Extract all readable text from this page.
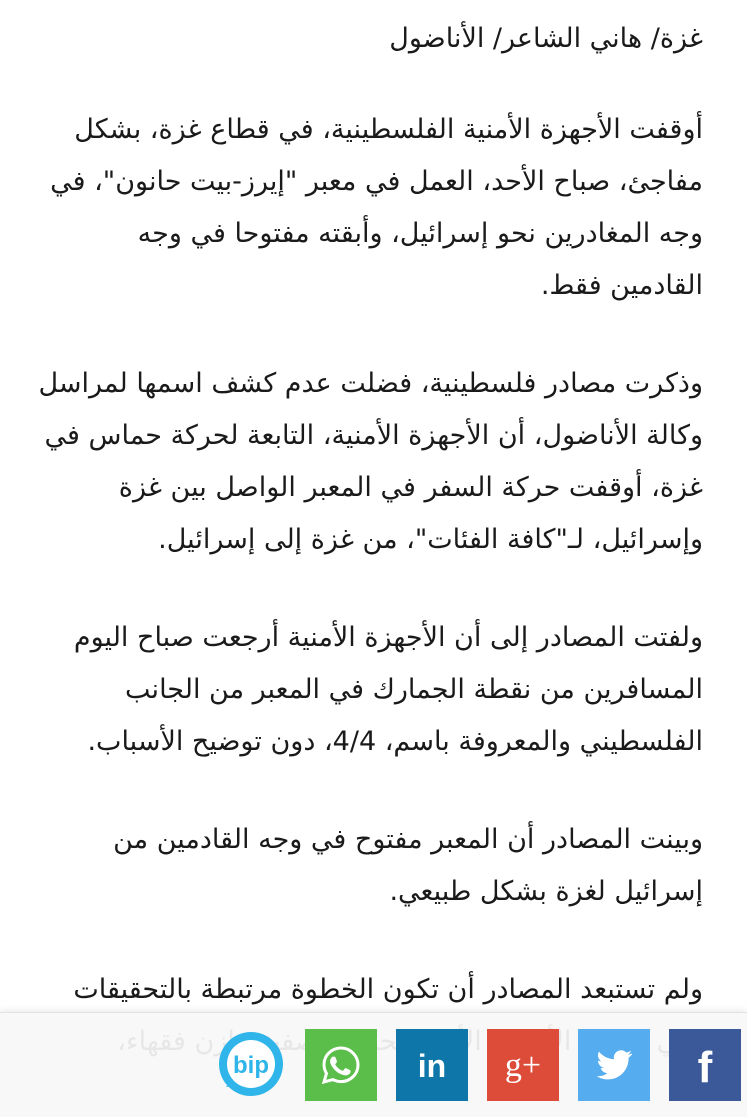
غزة/ هاني الشاعر/ الأناضول

أوقفت الأجهزة الأمنية الفلسطينية، في قطاع غزة، بشكل مفاجئ، صباح الأحد، العمل في معبر "إيرز-بيت حانون"، في وجه المغادرين نحو إسرائيل، وأبقته مفتوحا في وجه القادمين فقط.

وذكرت مصادر فلسطينية، فضلت عدم كشف اسمها لمراسل وكالة الأناضول، أن الأجهزة الأمنية، التابعة لحركة حماس في غزة، أوقفت حركة السفر في المعبر الواصل بين غزة وإسرائيل، لـ"كافة الفئات"، من غزة إلى إسرائيل.

ولفتت المصادر إلى أن الأجهزة الأمنية أرجعت صباح اليوم المسافرين من نقطة الجمارك في المعبر من الجانب الفلسطيني والمعروفة باسم، 4/4، دون توضيح الأسباب.

وبينت المصادر أن المعبر مفتوح في وجه القادمين من إسرائيل لغزة بشكل طبيعي.

ولم تستبعد المصادر أن تكون الخطوة مرتبطة بالتحقيقات

f
g+
in
bip
